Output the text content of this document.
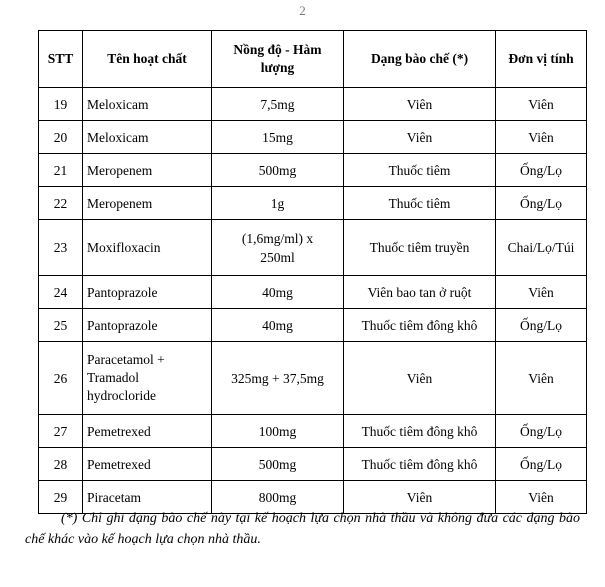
2
STT	Tên hoạt chất	Nồng độ - Hàm lượng	Dạng bào chế (*)	Đơn vị tính
19	Meloxicam	7,5mg	Viên	Viên
20	Meloxicam	15mg	Viên	Viên
21	Meropenem	500mg	Thuốc tiêm	Ống/Lọ
22	Meropenem	1g	Thuốc tiêm	Ống/Lọ
23	Moxifloxacin	(1,6mg/ml) x
250ml	Thuốc tiêm truyền	Chai/Lọ/Túi
24	Pantoprazole	40mg	Viên bao tan ở ruột	Viên
25	Pantoprazole	40mg	Thuốc tiêm đông khô	Ống/Lọ
26	Paracetamol +
Tramadol
hydrocloride	325mg + 37,5mg	Viên	Viên
27	Pemetrexed	100mg	Thuốc tiêm đông khô	Ống/Lọ
28	Pemetrexed	500mg	Thuốc tiêm đông khô	Ống/Lọ
29	Piracetam	800mg	Viên	Viên
(*) Chỉ ghi dạng bào chế này tại kế hoạch lựa chọn nhà thầu và không đưa các dạng bào chế khác vào kế hoạch lựa chọn nhà thầu.
